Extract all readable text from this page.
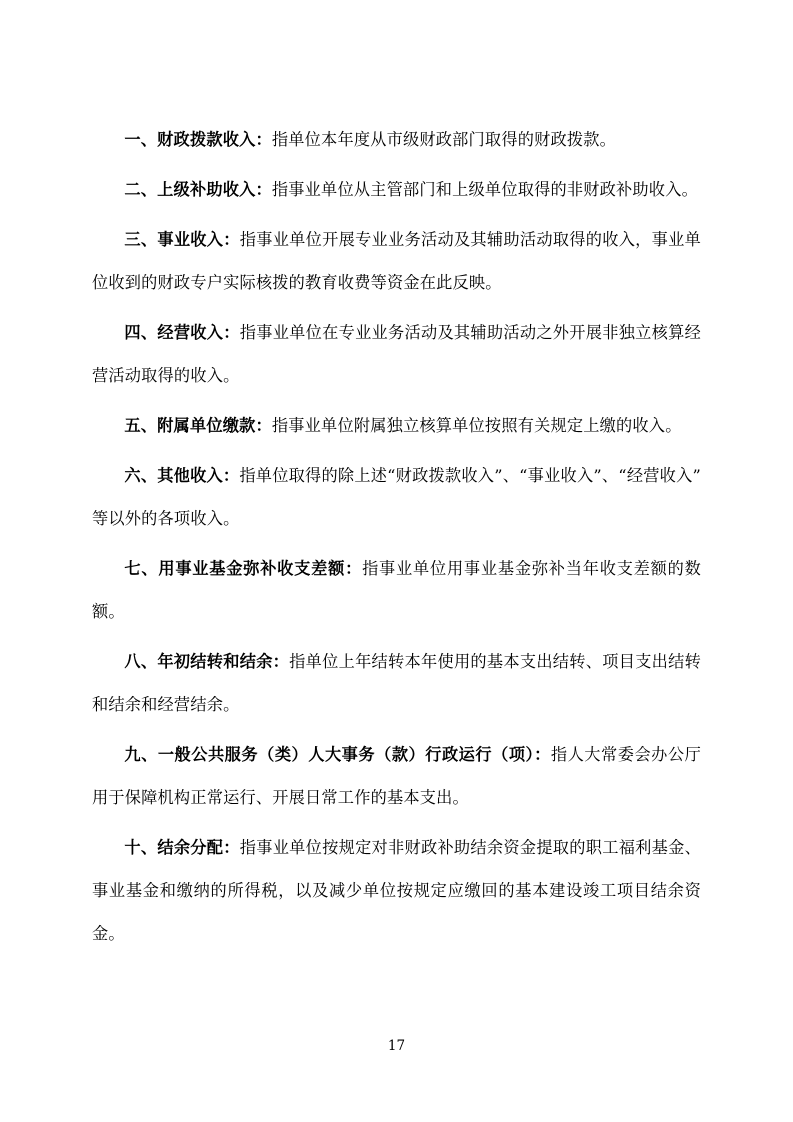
一、财政拨款收入：指单位本年度从市级财政部门取得的财政拨款。

二、上级补助收入：指事业单位从主管部门和上级单位取得的非财政补助收入。

三、事业收入：指事业单位开展专业业务活动及其辅助活动取得的收入，事业单位收到的财政专户实际核拨的教育收费等资金在此反映。

四、经营收入：指事业单位在专业业务活动及其辅助活动之外开展非独立核算经营活动取得的收入。

五、附属单位缴款：指事业单位附属独立核算单位按照有关规定上缴的收入。

六、其他收入：指单位取得的除上述“财政拨款收入”、“事业收入”、“经营收入”等以外的各项收入。

七、用事业基金弥补收支差额：指事业单位用事业基金弥补当年收支差额的数额。

八、年初结转和结余：指单位上年结转本年使用的基本支出结转、项目支出结转和结余和经营结余。

九、一般公共服务（类）人大事务（款）行政运行（项）：指人大常委会办公厅用于保障机构正常运行、开展日常工作的基本支出。

十、结余分配：指事业单位按规定对非财政补助结余资金提取的职工福利基金、事业基金和缴纳的所得税，以及减少单位按规定应缴回的基本建设竣工项目结余资金。

17
